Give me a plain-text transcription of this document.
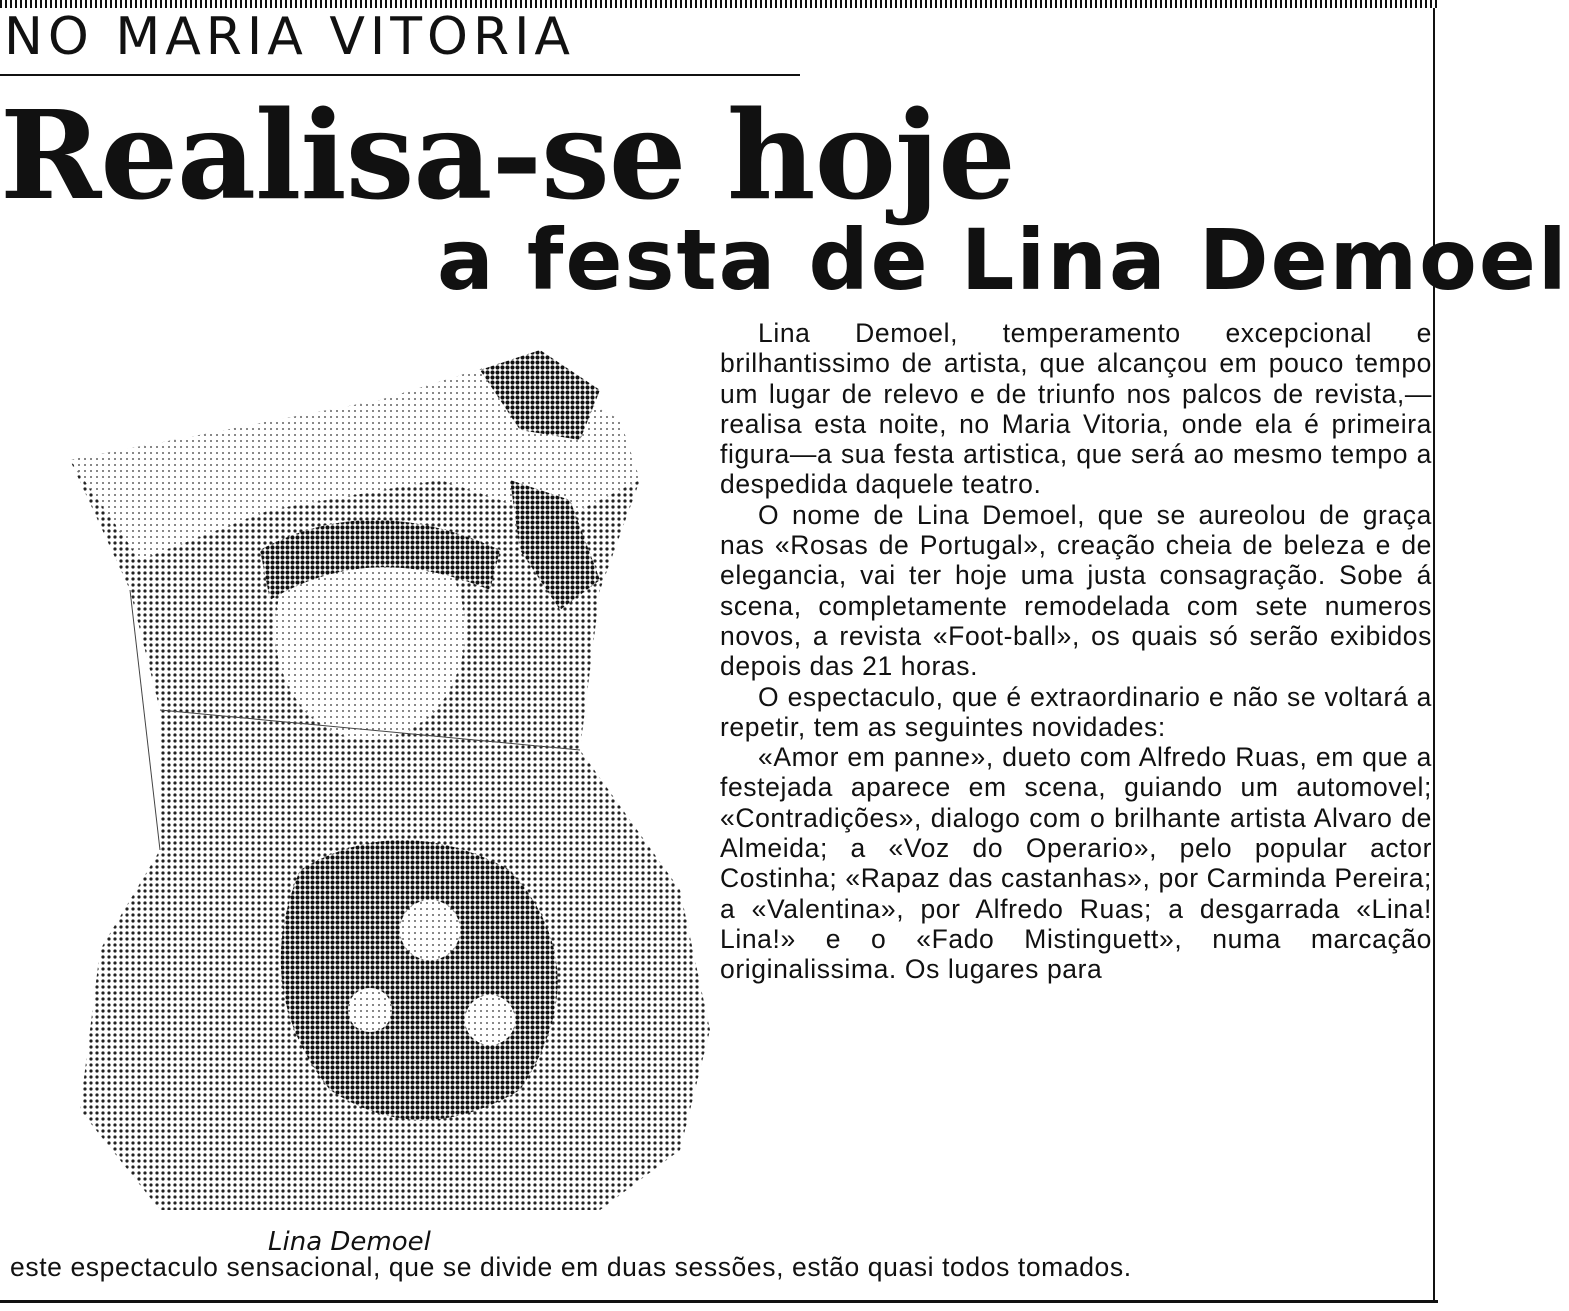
NO MARIA VITORIA
Realisa-se hoje
a festa de Lina Demoel
Lina Demoel

Lina Demoel, temperamento excepcional e brilhantissimo de artista, que alcançou em pouco tempo um lugar de relevo e de triunfo nos palcos de revista,—realisa esta noite, no Maria Vitoria, onde ela é primeira figura—a sua festa artistica, que será ao mesmo tempo a despedida daquele teatro.

O nome de Lina Demoel, que se aureolou de graça nas «Rosas de Portugal», creação cheia de beleza e de elegancia, vai ter hoje uma justa consagração. Sobe á scena, completamente remodelada com sete numeros novos, a revista «Foot-ball», os quais só serão exibidos depois das 21 horas.

O espectaculo, que é extraordinario e não se voltará a repetir, tem as seguintes novidades:

«Amor em panne», dueto com Alfredo Ruas, em que a festejada aparece em scena, guiando um automovel; «Contradições», dialogo com o brilhante artista Alvaro de Almeida; a «Voz do Operario», pelo popular actor Costinha; «Rapaz das castanhas», por Carminda Pereira; a «Valentina», por Alfredo Ruas; a desgarrada «Lina! Lina!» e o «Fado Mistinguett», numa marcação originalissima. Os lugares para

este espectaculo sensacional, que se divide em duas sessões, estão quasi todos tomados.
